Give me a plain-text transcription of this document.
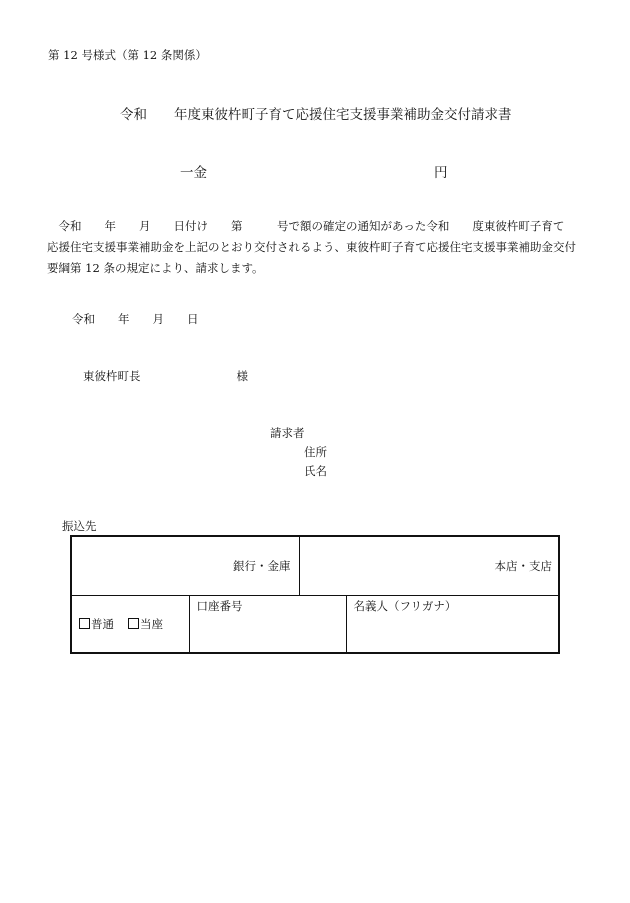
第 12 号様式（第 12 条関係）
令和　　年度東彼杵町子育て応援住宅支援事業補助金交付請求書
一金	円
　令和　　年　　月　　日付け　　第　　　号で額の確定の通知があった令和　　度東彼杵町子育て
応援住宅支援事業補助金を上記のとおり交付されるよう、東彼杵町子育て応援住宅支援事業補助金交付
要綱第 12 条の規定により、請求します。
令和　　年　　月　　日
東彼杵町長	様
請求者
住所
氏名
振込先
銀行・金庫		本店・支店	
普通 当座	口座番号		名義人（フリガナ）
